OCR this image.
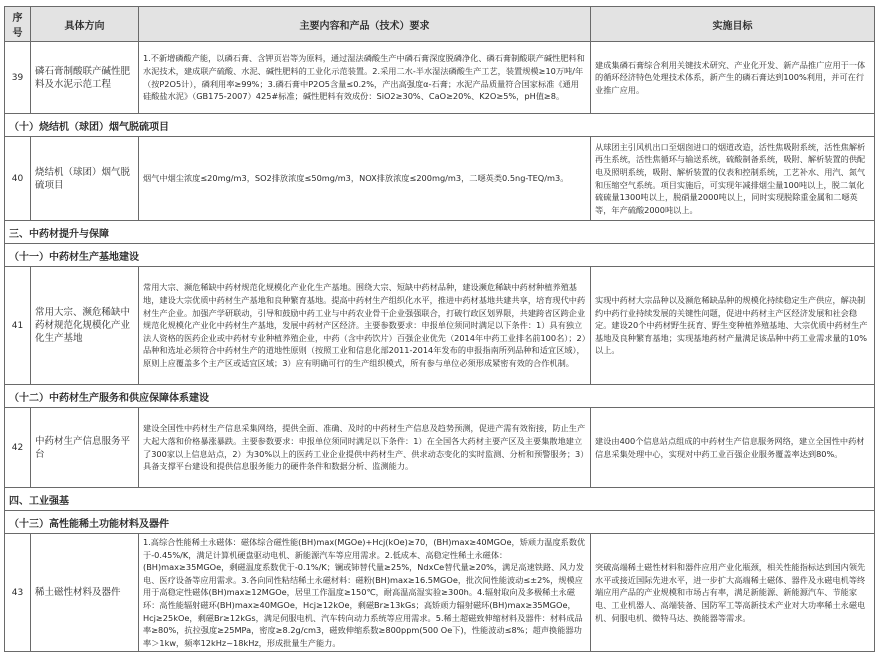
序号	具体方向	主要内容和产品（技术）要求	实施目标
39	磷石膏制酸联产碱性肥料及水泥示范工程	1.不新增磷酸产能，以磷石膏、含钾页岩等为原料，通过湿法磷酸生产中磷石膏深度脱磷净化、磷石膏制酸联产碱性肥料和水泥技术，建成联产硫酸、水泥、碱性肥料的工业化示范装置。2.采用二水-半水湿法磷酸生产工艺，装置规模≥10万吨/年（按P2O5计），磷利用率≥99%；3.磷石膏中P2O5含量≤0.2%，产出高强度α-石膏；水泥产品质量符合国家标准《通用硅酸盐水泥》（GB175-2007）425#标准；碱性肥料有效成份：SiO2≥30%、CaO≥20%、K2O≥5%，pH值≥8。	建成集磷石膏综合利用关键技术研究、产业化开发、新产品推广应用于一体的循环经济特色处理技术体系，新产生的磷石膏达到100%利用，并可在行业推广应用。
（十）烧结机（球团）烟气脱硫项目			
40	烧结机（球团）烟气脱硫项目	烟气中烟尘浓度≤20mg/m3，SO2排放浓度≤50mg/m3，NOX排放浓度≤200mg/m3，二噁英类0.5ng-TEQ/m3。	从球团主引风机出口至烟囱进口的烟道改造，活性焦吸附系统，活性焦解析再生系统，活性焦循环与输送系统，硫酸制备系统，吸附、解析装置的供配电及照明系统，吸附、解析装置的仪表和控制系统，工艺补水、用汽、氮气和压缩空气系统。项目实施后，可实现年减排烟尘量100吨以上，脱二氧化硫硫量1300吨以上，脱硝量2000吨以上，同时实现脱除重金属和二噁英等，年产硫酸2000吨以上。
三、中药材提升与保障			
（十一）中药材生产基地建设			
41	常用大宗、濒危稀缺中药材规范化规模化产业化生产基地	常用大宗、濒危稀缺中药材规范化规模化产业化生产基地。围绕大宗、短缺中药材品种，建设濒危稀缺中药材种植养殖基地，建设大宗优质中药材生产基地和良种繁育基地。提高中药材生产组织化水平，推进中药材基地共建共享，培育现代中药材生产企业。加强产学研联动，引导和鼓励中药工业与中药农业骨干企业强强联合，打破行政区划界限，共建跨省区跨企业规范化规模化产业化中药材生产基地，发展中药材产区经济。主要参数要求：申报单位须同时满足以下条件：1）具有独立法人资格的医药企业或中药材专业种植养殖企业，中药（含中药饮片）百强企业优先（2014年中药工业排名前100名）；2）品种和选址必须符合中药材生产的道地性原则（按照工业和信息化部2011-2014年发布的申报指南所列品种和适宜区域），原则上应覆盖多个主产区或适宜区域；3）应有明确可行的生产组织模式，所有参与单位必须形成紧密有效的合作机制。	实现中药材大宗品种以及濒危稀缺品种的规模化持续稳定生产供应，解决制约中药行业持续发展的关键性问题，促进中药材主产区经济发展和社会稳定。建设20个中药材野生抚育、野生变种植养殖基地、大宗优质中药材生产基地及良种繁育基地；实现基地药材产量满足该品种中药工业需求量的10%以上。
（十二）中药材生产服务和供应保障体系建设			
42	中药材生产信息服务平台	建设全国性中药材生产信息采集网络，提供全面、准确、及时的中药材生产信息及趋势预测，促进产需有效衔接，防止生产大起大落和价格暴涨暴跌。主要参数要求：申报单位须同时满足以下条件：1）在全国各大药材主要产区及主要集散地建立了300家以上信息站点，2）为30%以上的医药工业企业提供中药材生产、供求动态变化的实时监测、分析和预警服务；3）具备支撑平台建设和提供信息服务能力的硬件条件和数据分析、监测能力。	建设由400个信息站点组成的中药材生产信息服务网络，建立全国性中药材信息采集处理中心，实现对中药工业百强企业服务覆盖率达到80%。
四、工业强基			
（十三）高性能稀土功能材料及器件			
43	稀土磁性材料及器件	1.高综合性能稀土永磁体：磁体综合磁性能(BH)max(MGOe)+Hcj(kOe)≥70，(BH)max≥40MGOe，矫顽力温度系数优于-0.45%/K，满足计算机硬盘驱动电机、新能源汽车等应用需求。2.低成本、高稳定性稀土永磁体：(BH)max≥35MGOe，剩磁温度系数优于-0.1%/K；镧或铈替代量≥25%，NdxCe替代量≥20%，满足高速铁路、风力发电、医疗设备等应用需求。3.各向同性粘结稀土永磁材料：磁粉(BH)max≥16.5MGOe，批次间性能波动≤±2%，规模应用于高稳定性磁体(BH)max≥12MGOe，居里工作温度≥150℃，耐高温高湿实验≥300h。4.辐射取向及多极稀土永磁环：高性能辐射磁环(BH)max≥40MGOe，Hcj≥12kOe，剩磁Br≥13kGs；高矫顽力辐射磁环(BH)max≥35MGOe，Hcj≥25kOe，剩磁Br≥12kGs，满足伺服电机、汽车转向动力系统等应用需求。5.稀土超磁致伸缩材料及器件：材料成品率≥80%，抗拉强度≥25MPa，密度≥8.2g/cm3，磁致伸缩系数≥800ppm(500 Oe下)，性能波动≤8%；超声换能器功率＞1kw，频率12kHz~18kHz，形成批量生产能力。	突破高端稀土磁性材料和器件应用产业化瓶颈，相关性能指标达到国内领先水平或接近国际先进水平，进一步扩大高端稀土磁体、器件及永磁电机等终端应用产品的产业规模和市场占有率，满足新能源、新能源汽车、节能家电、工业机器人、高端装备、国防军工等高新技术产业对大功率稀土永磁电机、伺服电机、微特马达、换能器等需求。
